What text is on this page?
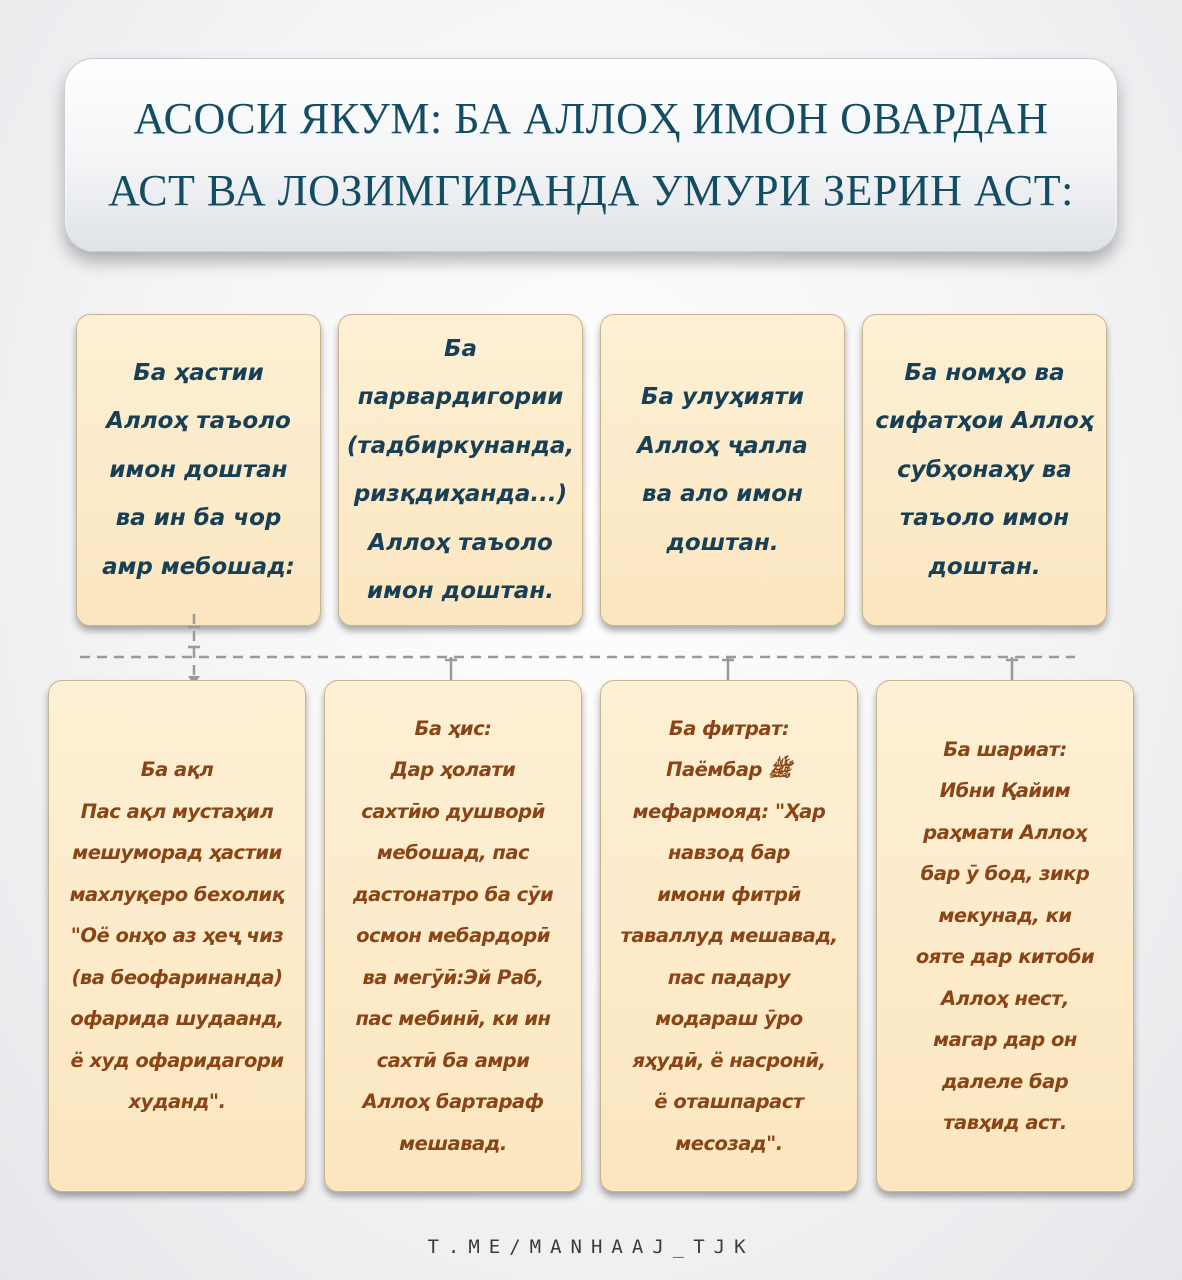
АСОСИ ЯКУМ: БА АЛЛОҲ ИМОН ОВАРДАН
АСТ ВА ЛОЗИМГИРАНДА УМУРИ ЗЕРИН АСТ:
Ба ҳастии
Аллоҳ таъоло
имон доштан
ва ин ба чор
амр мебошад:
Ба
парвардигории
(тадбиркунанда,
ризқдиҳанда...)
Аллоҳ таъоло
имон доштан.
Ба улуҳияти
Аллоҳ ҷалла
ва ало имон
доштан.
Ба номҳо ва
сифатҳои Аллоҳ
субҳонаҳу ва
таъоло имон
доштан.
Ба ақл
Пас ақл мустаҳил
мешуморад ҳастии
махлуқеро бехолиқ
"Оё онҳо аз ҳеҷ чиз
(ва беофаринанда)
офарида шудаанд,
ё худ офаридагори
худанд".
Ба ҳис:
Дар ҳолати
сахтӣю душворӣ
мебошад, пас
дастонатро ба сӯи
осмон мебардорӣ
ва мегӯӣ:Эй Раб,
пас мебинӣ, ки ин
сахтӣ ба амри
Аллоҳ бартараф
мешавад.
Ба фитрат:
Паёмбар ﷺ
мефармояд: "Ҳар
навзод бар
имони фитрӣ
таваллуд мешавад,
пас падару
модараш ӯро
яҳудӣ, ё насронӣ,
ё оташпараст
месозад".
Ба шариат:
Ибни Қайим
раҳмати Аллоҳ
бар ӯ бод, зикр
мекунад, ки
ояте дар китоби
Аллоҳ нест,
магар дар он
далеле бар
тавҳид аст.
T.ME/MANHAAJ_TJK
